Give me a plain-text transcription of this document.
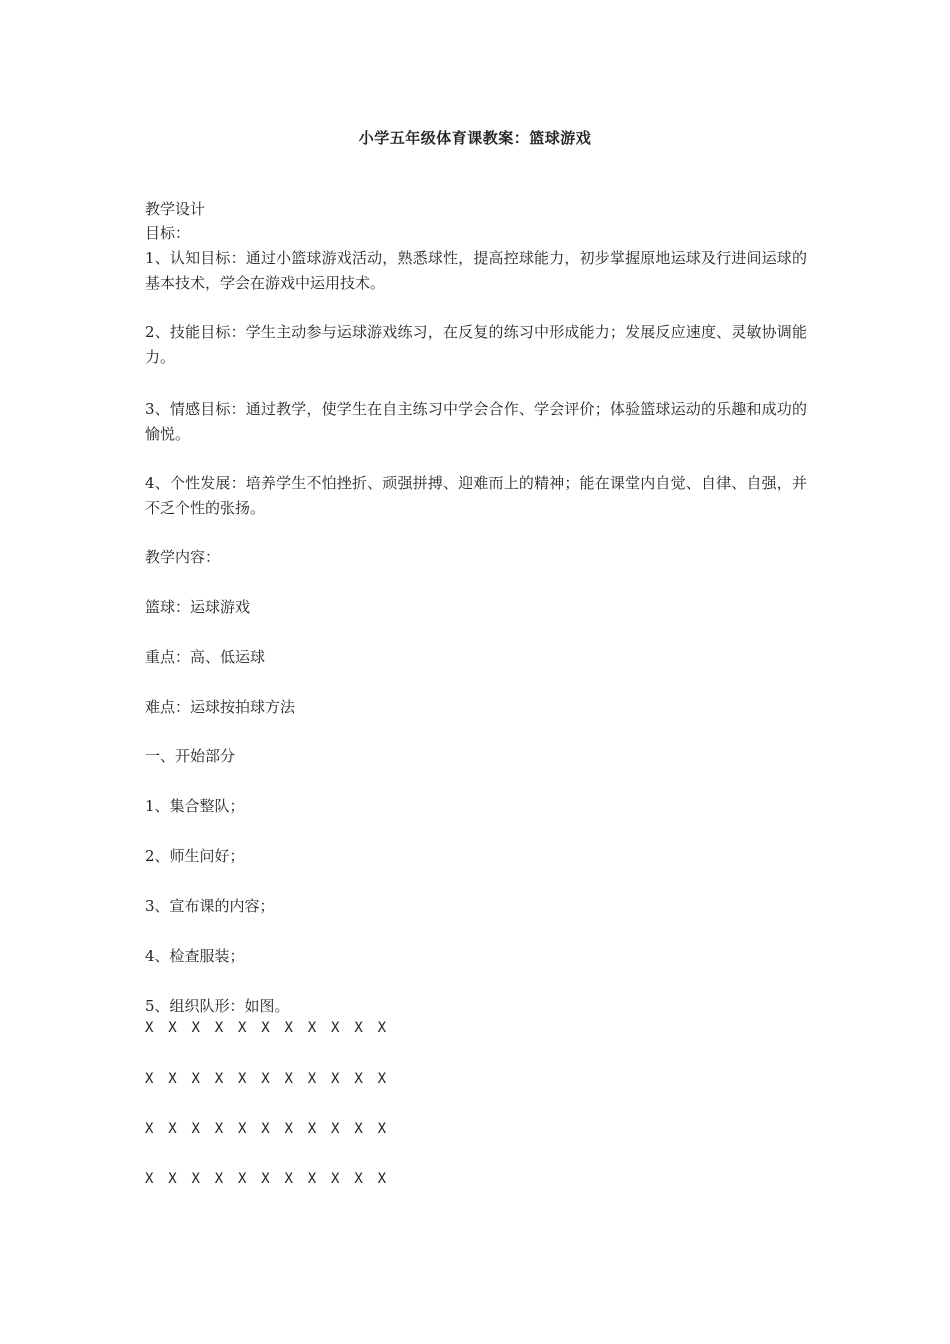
小学五年级体育课教案：篮球游戏
教学设计
目标：
1、认知目标：通过小篮球游戏活动，熟悉球性，提高控球能力，初步掌握原地运球及行进间运球的基本技术，学会在游戏中运用技术。
2、技能目标：学生主动参与运球游戏练习，在反复的练习中形成能力；发展反应速度、灵敏协调能力。
3、情感目标：通过教学，使学生在自主练习中学会合作、学会评价；体验篮球运动的乐趣和成功的愉悦。
4、个性发展：培养学生不怕挫折、顽强拼搏、迎难而上的精神；能在课堂内自觉、自律、自强，并不乏个性的张扬。
教学内容：
篮球：运球游戏
重点：高、低运球
难点：运球按拍球方法
一、开始部分
1、集合整队；
2、师生问好；
3、宣布课的内容；
4、检查服装；
5、组织队形：如图。
X X X X X X X X X X X
X X X X X X X X X X X
X X X X X X X X X X X
X X X X X X X X X X X
